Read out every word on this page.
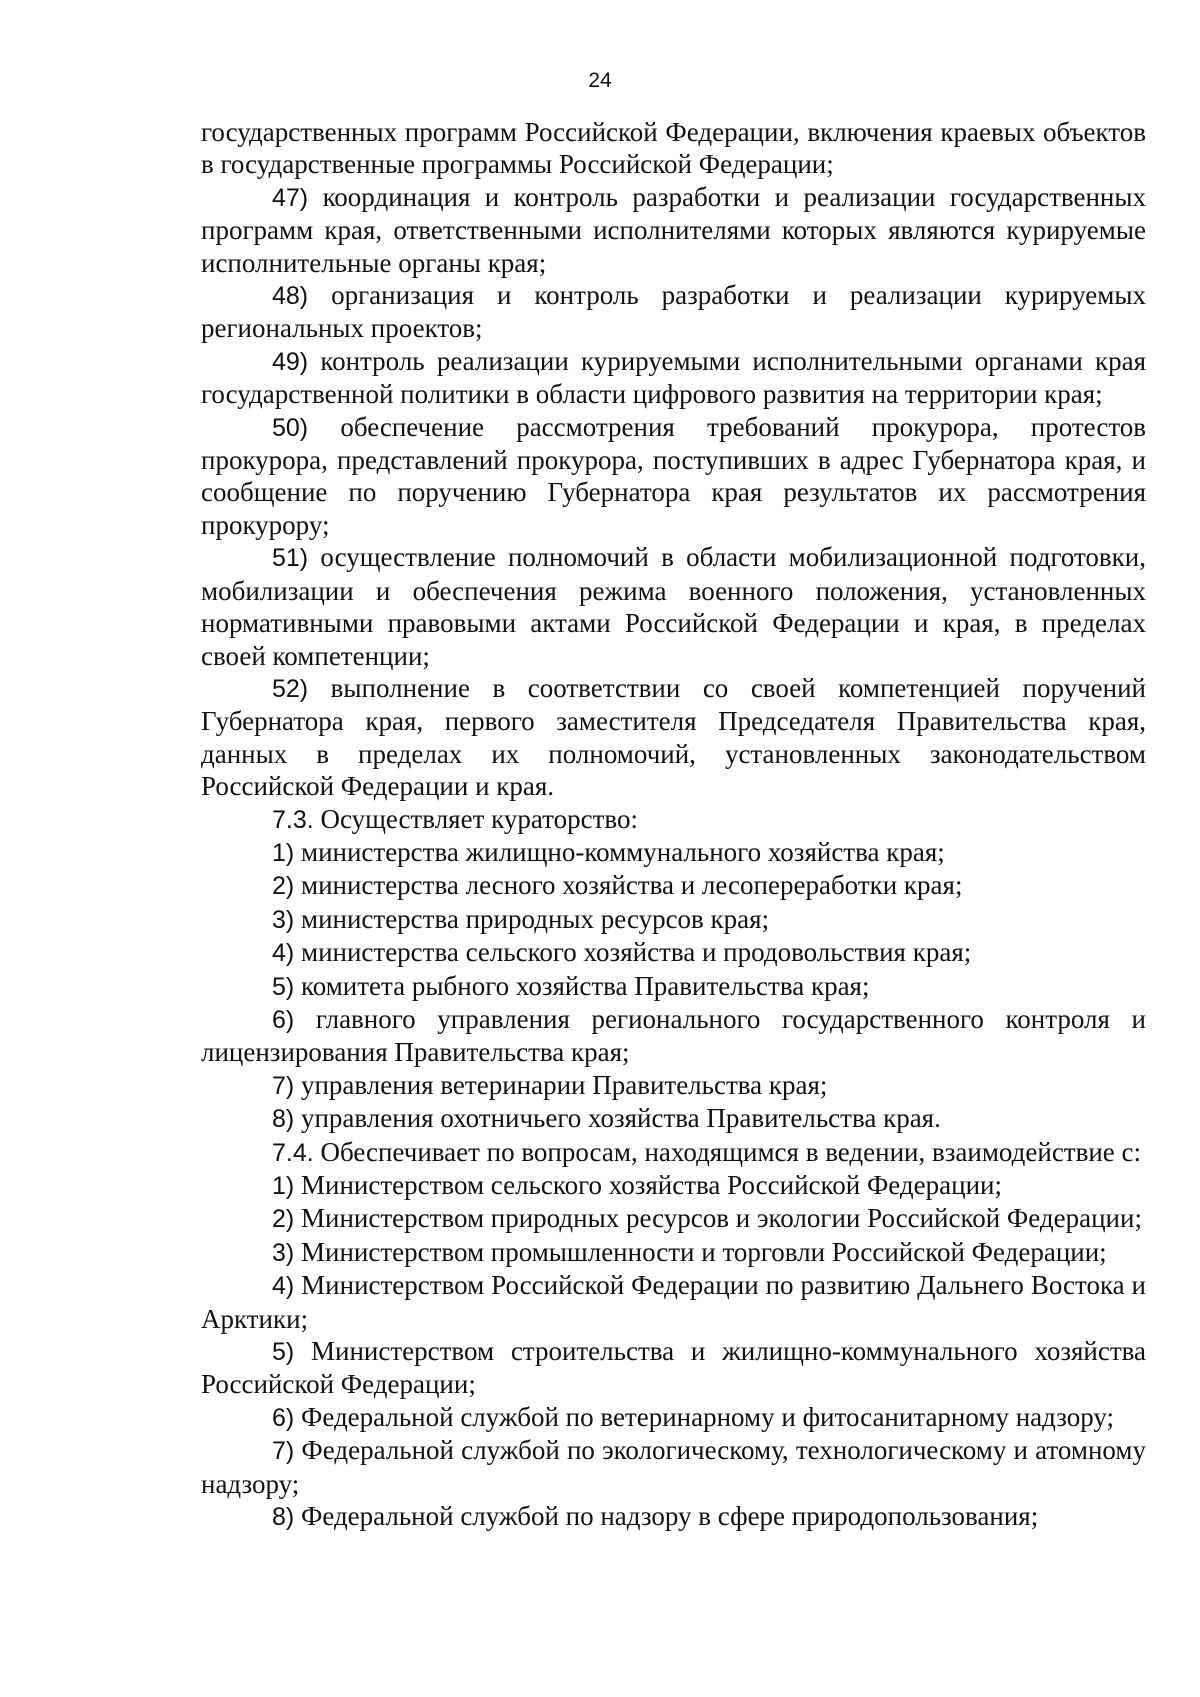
24

государственных программ Российской Федерации, включения краевых объектов в государственные программы Российской Федерации;

47) координация и контроль разработки и реализации государственных программ края, ответственными исполнителями которых являются курируемые исполнительные органы края;

48) организация и контроль разработки и реализации курируемых региональных проектов;

49) контроль реализации курируемыми исполнительными органами края государственной политики в области цифрового развития на территории края;

50) обеспечение рассмотрения требований прокурора, протестов прокурора, представлений прокурора, поступивших в адрес Губернатора края, и сообщение по поручению Губернатора края результатов их рассмотрения прокурору;

51) осуществление полномочий в области мобилизационной подготовки, мобилизации и обеспечения режима военного положения, установленных нормативными правовыми актами Российской Федерации и края, в пределах своей компетенции;

52) выполнение в соответствии со своей компетенцией поручений Губернатора края, первого заместителя Председателя Правительства края, данных в пределах их полномочий, установленных законодательством Российской Федерации и края.

7.3. Осуществляет кураторство:

1) министерства жилищно-коммунального хозяйства края;

2) министерства лесного хозяйства и лесопереработки края;

3) министерства природных ресурсов края;

4) министерства сельского хозяйства и продовольствия края;

5) комитета рыбного хозяйства Правительства края;

6) главного управления регионального государственного контроля и лицензирования Правительства края;

7) управления ветеринарии Правительства края;

8) управления охотничьего хозяйства Правительства края.

7.4. Обеспечивает по вопросам, находящимся в ведении, взаимодействие с:

1) Министерством сельского хозяйства Российской Федерации;

2) Министерством природных ресурсов и экологии Российской Федерации;

3) Министерством промышленности и торговли Российской Федерации;

4) Министерством Российской Федерации по развитию Дальнего Востока и Арктики;

5) Министерством строительства и жилищно-коммунального хозяйства Российской Федерации;

6) Федеральной службой по ветеринарному и фитосанитарному надзору;

7) Федеральной службой по экологическому, технологическому и атомному надзору;

8) Федеральной службой по надзору в сфере природопользования;
